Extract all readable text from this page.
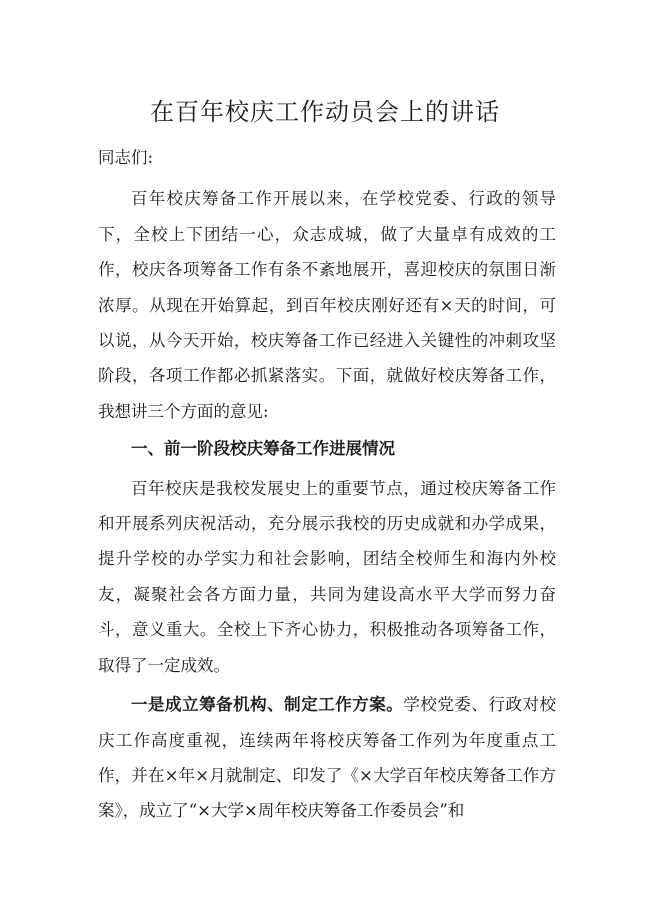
在百年校庆工作动员会上的讲话

同志们:

百年校庆筹备工作开展以来，在学校党委、行政的领导下，全校上下团结一心，众志成城，做了大量卓有成效的工作，校庆各项筹备工作有条不紊地展开，喜迎校庆的氛围日渐浓厚。从现在开始算起，到百年校庆刚好还有×天的时间，可以说，从今天开始，校庆筹备工作已经进入关键性的冲刺攻坚阶段，各项工作都必抓紧落实。下面，就做好校庆筹备工作，我想讲三个方面的意见:

一、前一阶段校庆筹备工作进展情况

百年校庆是我校发展史上的重要节点，通过校庆筹备工作和开展系列庆祝活动，充分展示我校的历史成就和办学成果，提升学校的办学实力和社会影响，团结全校师生和海内外校友，凝聚社会各方面力量，共同为建设高水平大学而努力奋斗，意义重大。全校上下齐心协力，积极推动各项筹备工作，取得了一定成效。

一是成立筹备机构、制定工作方案。学校党委、行政对校庆工作高度重视，连续两年将校庆筹备工作列为年度重点工作，并在×年×月就制定、印发了《×大学百年校庆筹备工作方案》，成立了“×大学×周年校庆筹备工作委员会”和
